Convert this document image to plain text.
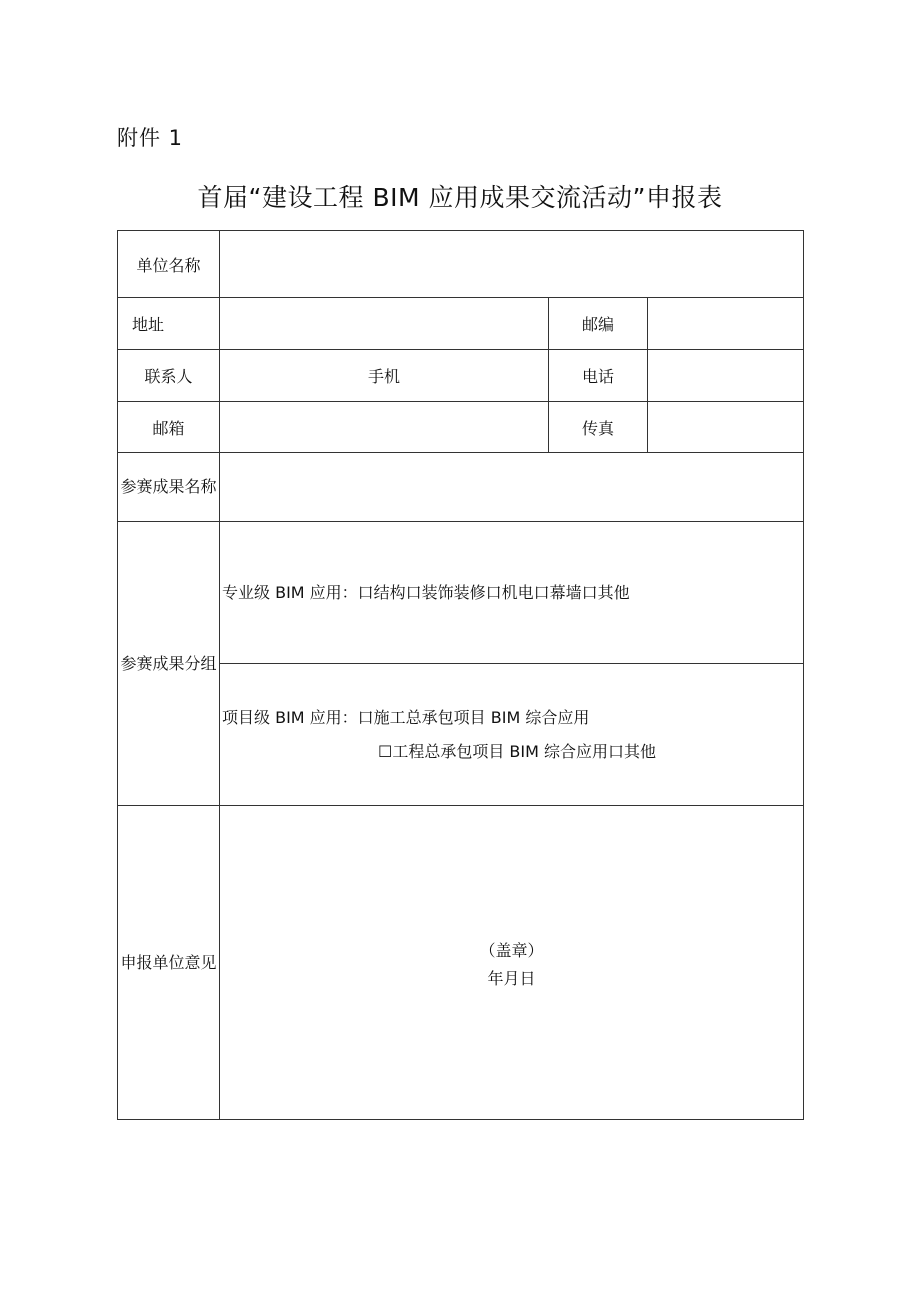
附件 1
首届“建设工程 BIM 应用成果交流活动”申报表
单位名称			
地址		邮编	
联系人	手机	电话	
邮箱		传真	
参赛成果名称			
参赛成果分组	专业级 BIM 应用：口结构口装饰装修口机电口幕墙口其他		

	项目级 BIM 应用：口施工总承包项目 BIM 综合应用
☐工程总承包项目 BIM 综合应用口其他		

申报单位意见	（盖章）
年月日		
